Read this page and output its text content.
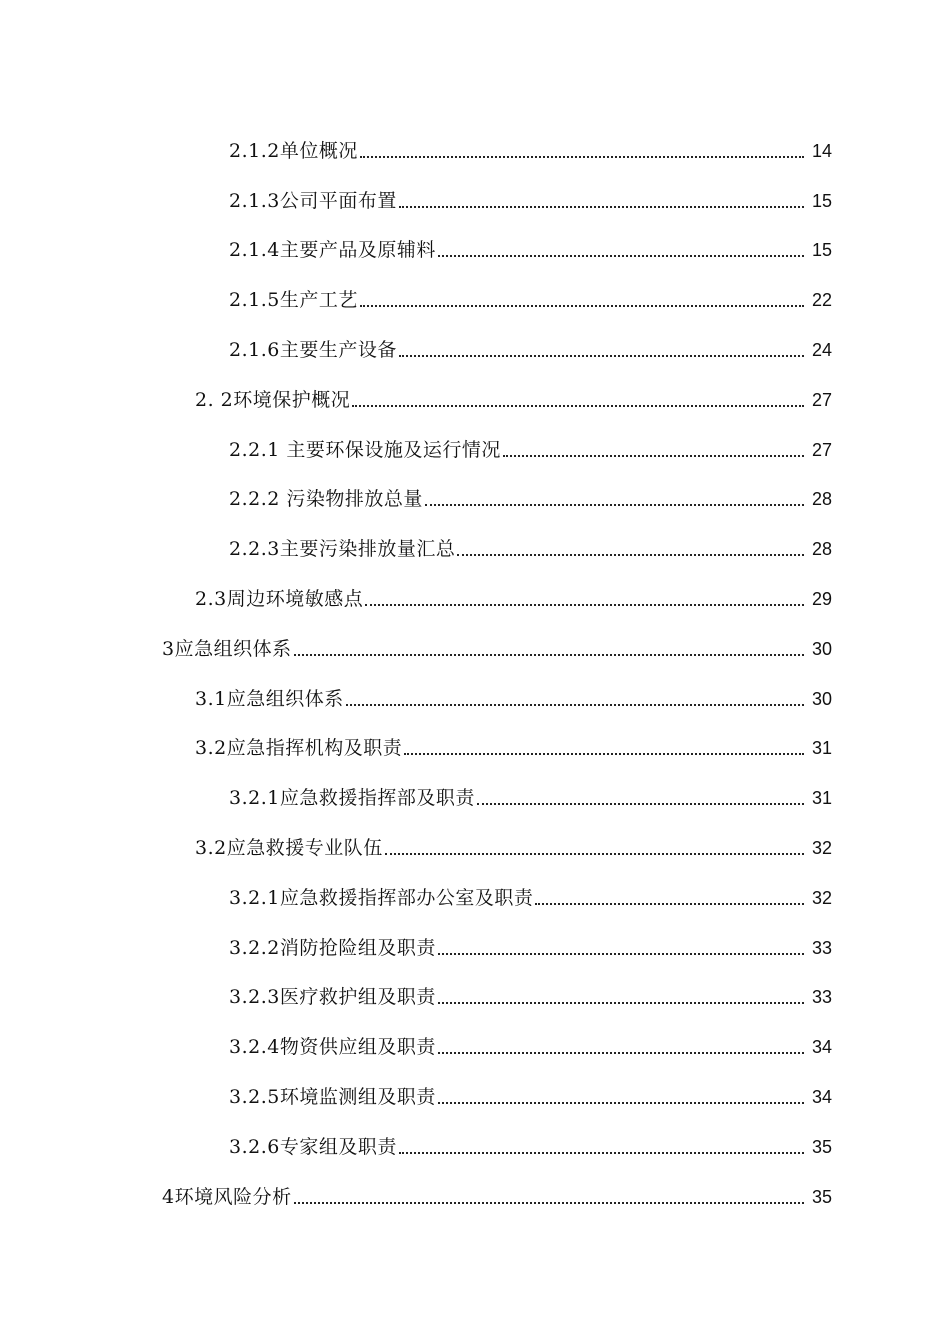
2.1.2单位概况	14
2.1.3公司平面布置	15
2.1.4主要产品及原辅料	15
2.1.5生产工艺	22
2.1.6主要生产设备	24
2. 2环境保护概况	27
2.2.1 主要环保设施及运行情况	27
2.2.2 污染物排放总量	28
2.2.3主要污染排放量汇总	28
2.3周边环境敏感点	29
3应急组织体系	30
3.1应急组织体系	30
3.2应急指挥机构及职责	31
3.2.1应急救援指挥部及职责	31
3.2应急救援专业队伍	32
3.2.1应急救援指挥部办公室及职责	32
3.2.2消防抢险组及职责	33
3.2.3医疗救护组及职责	33
3.2.4物资供应组及职责	34
3.2.5环境监测组及职责	34
3.2.6专家组及职责	35
4环境风险分析	35
